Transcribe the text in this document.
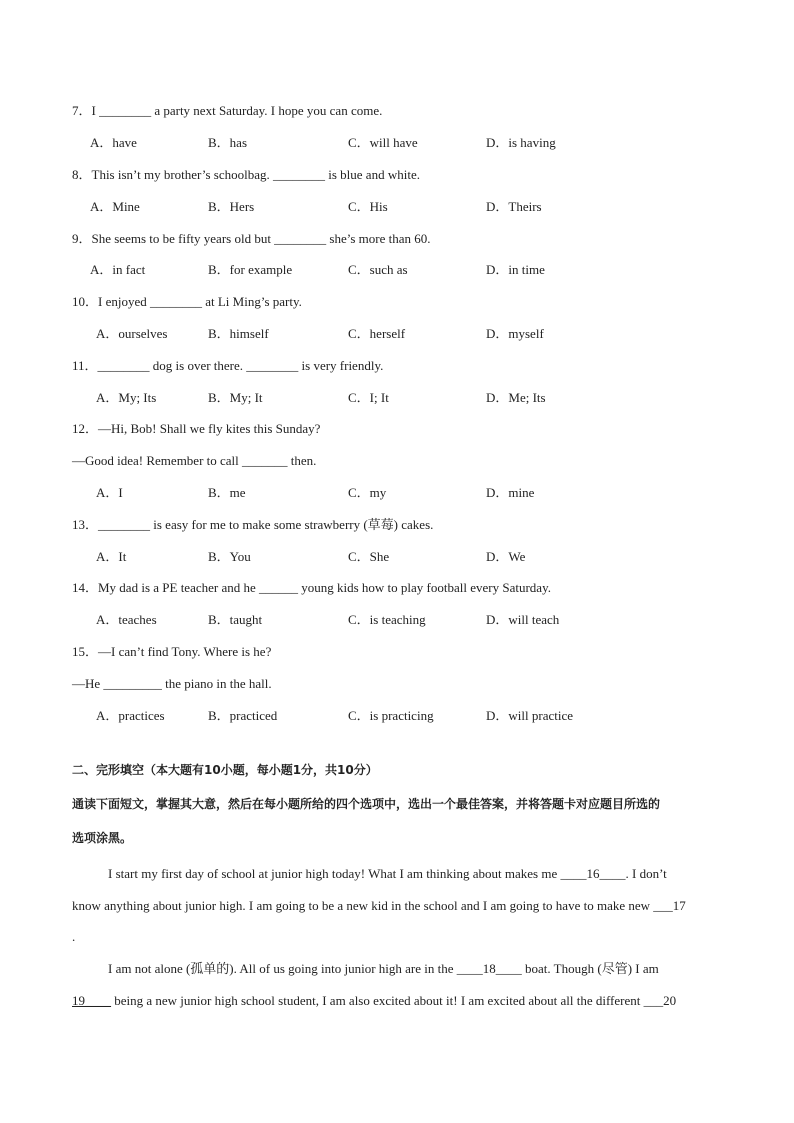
7．I ________ a party next Saturday. I hope you can come.
A．have	B．has	C．will have	D．is having
8．This isn’t my brother’s schoolbag. ________ is blue and white.
A．Mine	B．Hers	C．His	D．Theirs
9．She seems to be fifty years old but ________ she’s more than 60.
A．in fact	B．for example	C．such as	D．in time
10．I enjoyed ________ at Li Ming’s party.
A．ourselves	B．himself	C．herself	D．myself
11．________ dog is over there. ________ is very friendly.
A．My; Its	B．My; It	C．I; It	D．Me; Its
12．—Hi, Bob! Shall we fly kites this Sunday?
—Good idea! Remember to call _______ then.
A．I	B．me	C．my	D．mine
13．________ is easy for me to make some strawberry (草莓) cakes.
A．It	B．You	C．She	D．We
14．My dad is a PE teacher and he ______ young kids how to play football every Saturday.
A．teaches	B．taught	C．is teaching	D．will teach
15．—I can’t find Tony. Where is he?
—He _________ the piano in the hall.
A．practices	B．practiced	C．is practicing	D．will practice
二、完形填空（本大题有10小题，每小题1分，共10分）
通读下面短文，掌握其大意，然后在每小题所给的四个选项中，选出一个最佳答案，并将答题卡对应题目所选的
选项涂黑。
I start my first day of school at junior high today! What I am thinking about makes me ____16____. I don’t
know anything about junior high. I am going to be a new kid in the school and I am going to have to make new ___17
.
I am not alone (孤单的). All of us going into junior high are in the ____18____ boat. Though (尽管) I am
19____ being a new junior high school student, I am also excited about it! I am excited about all the different ___20
